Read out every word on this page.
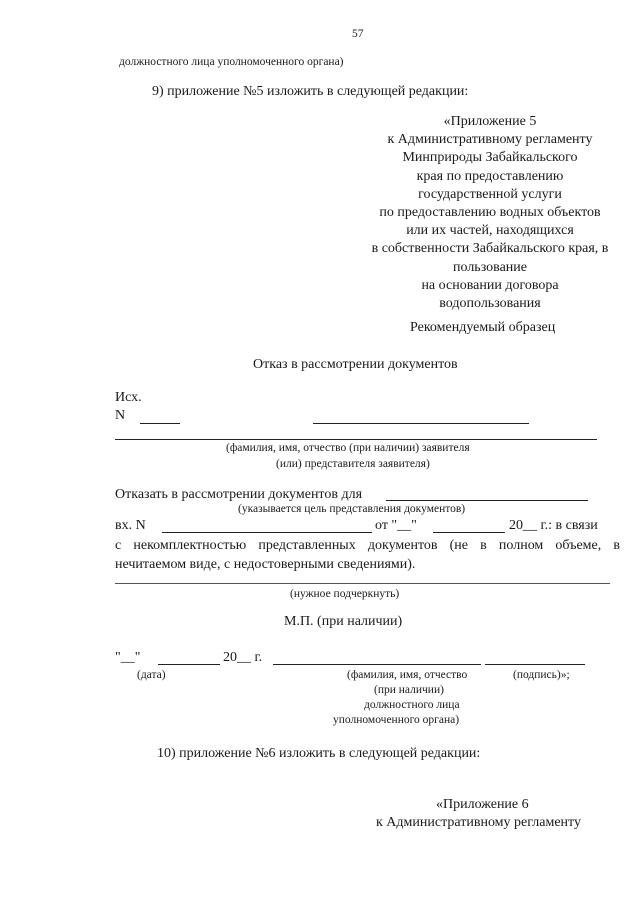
57
должностного лица уполномоченного органа)
9) приложение №5 изложить в следующей редакции:
«Приложение 5
к Административному регламенту
Минприроды Забайкальского
края по предоставлению
государственной услуги
по предоставлению водных объектов
или их частей, находящихся
в собственности Забайкальского края, в
пользование
на основании договора
водопользования
Рекомендуемый образец
Отказ в рассмотрении документов
Исх.
N
(фамилия, имя, отчество (при наличии) заявителя
(или) представителя заявителя)
Отказать в рассмотрении документов для
(указывается цель представления документов)
вх. N	от "__"	20__ г.: в связи
с некомплектностью представленных документов (не в полном объеме, в нечитаемом виде, с недостоверными сведениями).
(нужное подчеркнуть)
М.П. (при наличии)
"__"	20__ г.
(дата)	(фамилия, имя, отчество	(подпись)»;
(при наличии)
должностного лица
уполномоченного органа)
10) приложение №6 изложить в следующей редакции:
«Приложение 6
к Административному регламенту
